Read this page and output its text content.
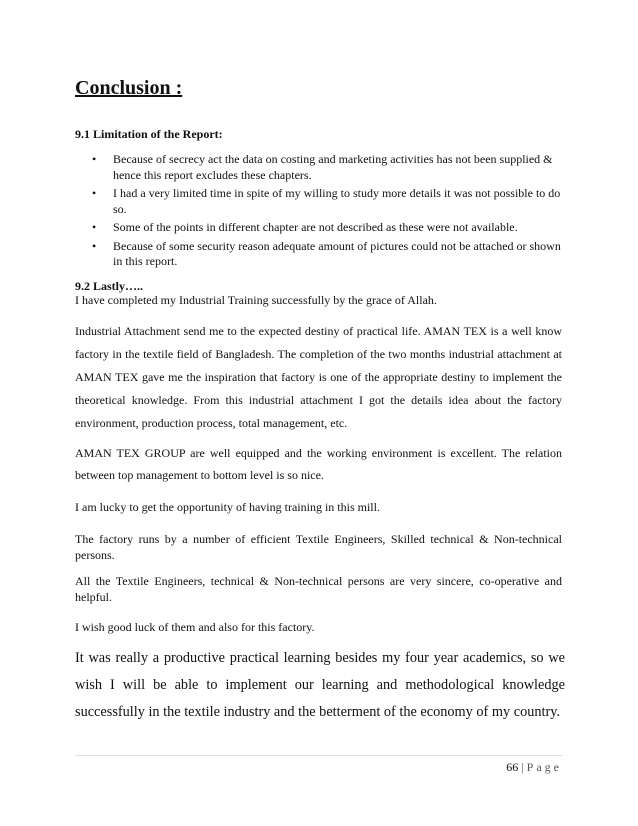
Conclusion :

9.1 Limitation of the Report:

• Because of secrecy act the data on costing and marketing activities has not been supplied & hence this report excludes these chapters.
• I had a very limited time in spite of my willing to study more details it was not possible to do so.
• Some of the points in different chapter are not described as these were not available.
• Because of some security reason adequate amount of pictures could not be attached or shown in this report.

9.2 Lastly…..

I have completed my Industrial Training successfully by the grace of Allah.

Industrial Attachment send me to the expected destiny of practical life. AMAN TEX is a well know factory in the textile field of Bangladesh. The completion of the two months industrial attachment at AMAN TEX gave me the inspiration that factory is one of the appropriate destiny to implement the theoretical knowledge. From this industrial attachment I got the details idea about the factory environment, production process, total management, etc.

AMAN TEX GROUP are well equipped and the working environment is excellent. The relation between top management to bottom level is so nice.

I am lucky to get the opportunity of having training in this mill.

The factory runs by a number of efficient Textile Engineers, Skilled technical & Non-technical persons.

All the Textile Engineers, technical & Non-technical persons are very sincere, co-operative and helpful.

I wish good luck of them and also for this factory.

It was really a productive practical learning besides my four year academics, so we wish I will be able to implement our learning and methodological knowledge successfully in the textile industry and the betterment of the economy of my country.

66 | Page
